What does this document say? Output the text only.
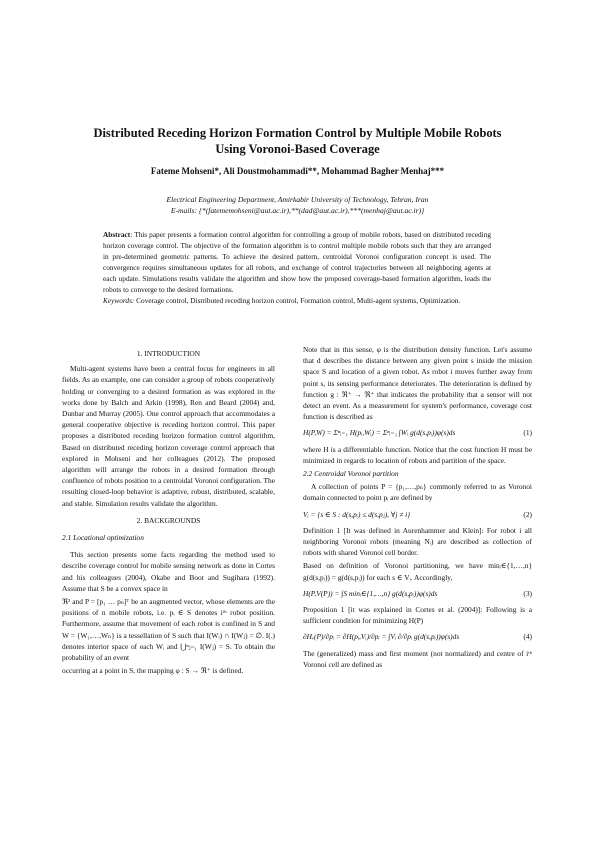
Distributed Receding Horizon Formation Control by Multiple Mobile Robots
Using Voronoi-Based Coverage
Fateme Mohseni*, Ali Doustmohammadi**, Mohammad Bagher Menhaj***
Electrical Engineering Department, Amirkabir University of Technology, Tehran, Iran
E-mails: {*(fatememohseni@aut.ac.ir),**(dad@aut.ac.ir),***(menhaj@aut.ac.ir)}
Abstract: This paper presents a formation control algorithm for controlling a group of mobile robots, based on distributed receding horizon coverage control. The objective of the formation algorithm is to control multiple mobile robots such that they are arranged in pre-determined geometric patterns. To achieve the desired pattern, centroidal Voronoi configuration concept is used. The convergence requires simultaneous updates for all robots, and exchange of control trajectories between all neighboring agents at each update. Simulations results validate the algorithm and show how the proposed coverage-based formation algorithm, leads the robots to converge to the desired formations.
Keywords: Coverage control, Distributed receding horizon control, Formation control, Multi-agent systems, Optimization.
1. INTRODUCTION

Multi-agent systems have been a central focus for engineers in all fields. As an example, one can consider a group of robots cooperatively holding or converging to a desired formation as was explored in the works done by Balch and Arkin (1998), Ren and Beard (2004) and, Dunbar and Murray (2005). One control approach that accommodates a general cooperative objective is receding horizon control. This paper proposes a distributed receding horizon formation control algorithm, Based on distributed receding horizon coverage control approach that explored in Mohseni and her colleagues (2012). The proposed algorithm will arrange the robots in a desired formation through confluence of robots position to a centroidal Voronoi configuration. The resulting closed-loop behavior is adaptive, robust, distributed, scalable, and stable. Simulation results validate the algorithm.

2. BACKGROUNDS
2.1 Locational optimization

This section presents some facts regarding the method used to describe coverage control for mobile sensing network as done in Cortes and his colleagues (2004), Okabe and Boot and Sugihara (1992). Assume that S be a convex space in

ℜ² and P = [p₁ … pₙ]ᵀ be an augmented vector, whose elements are the positions of n mobile robots, i.e. pᵢ ∈ S denotes iᵗʰ robot position. Furthermore, assume that movement of each robot is confined in S and W = {W₁,…,Wₙ} is a tessellation of S such that I(Wᵢ) ∩ I(Wⱼ) = ∅. I(.) denotes interior space of each Wᵢ and ⋃ⁿⱼ₌₁ I(Wⱼ) = S. To obtain the probability of an event

occurring at a point in S, the mapping φ : S → ℜ⁺ is defined.

Note that in this sense, φ is the distribution density function. Let's assume that d describes the distance between any given point s inside the mission space S and location of a given robot. As robot i moves further away from point s, its sensing performance deteriorates. The deterioration is defined by function g : ℜ⁺ → ℜ⁺ that indicates the probability that a sensor will not detect an event. As a measurement for system's performance, coverage cost function is described as

H(P,W) = Σⁿᵢ₌₁ H(pᵢ,Wᵢ) = Σⁿᵢ₌₁ ∫Wᵢ g(d(s,pᵢ))φ(s)ds	(1)

where H is a differentiable function. Notice that the cost function H must be minimized in regards to location of robots and partition of the space.

2.2 Centroidal Voronoi partition

A collection of points P = {p₁,…,pₙ} commonly referred to as Voronoi domain connected to point pᵢ are defined by

Vᵢ = {s ∈ S : d(s,pᵢ) ≤ d(s,pⱼ), ∀j ≠ i}	(2)

Definition 1 [It was defined in Aurenhammer and Klein]: For robot i all neighboring Voronoi robots (meaning Nᵢ) are described as collection of robots with shared Voronoi cell border.

Based on definition of Voronoi partitioning, we have minᵢ∈{1,…,n} g(d(s,pᵢ)) = g(d(s,pᵢ)) for each s ∈ Vᵢ. Accordingly,

H(P,V(P)) = ∫S minᵢ∈{1,…,n} g(d(s,pᵢ))φ(s)ds	(3)

Proposition 1 [it was explained in Cortes et al. (2004)]: Following is a sufficient condition for minimizing H(P)

∂Hᵥ(P)/∂pᵢ = ∂H(pᵢ,Vᵢ)/∂pᵢ = ∫Vᵢ ∂/∂pᵢ g(d(s,pᵢ))φ(s)ds	(4)

The (generalized) mass and first moment (not normalized) and centre of iᵗʰ Voronoi cell are defined as
